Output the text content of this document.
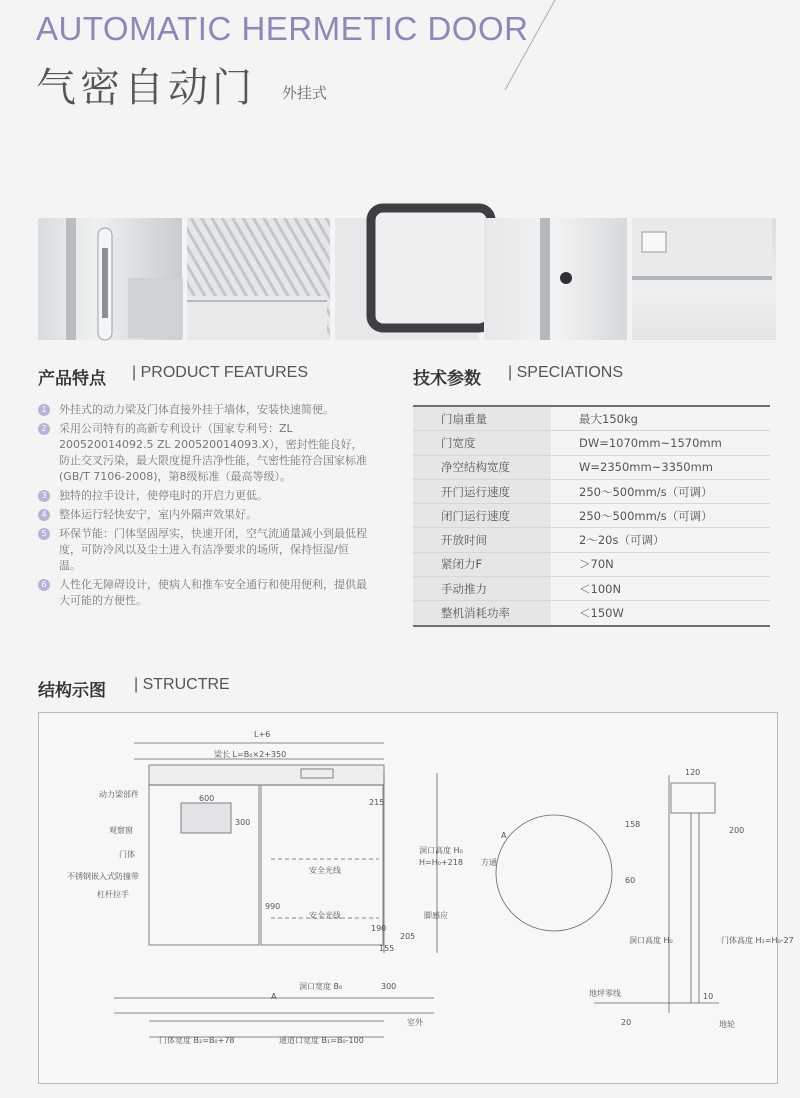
AUTOMATIC HERMETIC DOOR
气密自动门 外挂式
产品特点 | PRODUCT FEATURES
1	外挂式的动力梁及门体直接外挂于墙体，安装快速简便。
2	采用公司特有的高新专利设计（国家专利号：ZL 200520014092.5 ZL 200520014093.X），密封性能良好，防止交叉污染，最大限度提升洁净性能，气密性能符合国家标准(GB/T 7106-2008)，第8级标准（最高等级）。
3	独特的拉手设计，使停电时的开启力更低。
4	整体运行轻快安宁，室内外隔声效果好。
5	环保节能：门体坚固厚实，快速开闭，空气流通量减小到最低程度，可防冷风以及尘土进入有洁净要求的场所，保持恒湿/恒温。
6	人性化无障碍设计，使病人和推车安全通行和使用便利，提供最大可能的方便性。
技术参数 | SPECIATIONS
门扇重量	最大150kg
门宽度	DW=1070mm~1570mm
净空结构宽度	W=2350mm~3350mm
开门运行速度	250～500mm/s（可调）
闭门运行速度	250～500mm/s（可调）
开放时间	2～20s（可调）
紧闭力F	＞70N
手动推力	＜100N
整机消耗功率	＜150W
结构示图 | STRUCTRE
动力梁部件
观察窗
门体
不锈钢嵌入式防撞带
杠杆拉手
安全光线
安全光线	脚感应
L+6
梁长 L=B₀×2+350
600
300
215
990
190
155
205
洞口高度 H₀
H=H₀+218
洞口宽度 B₀	300
门体宽度 B₂=B₀+78	通道口宽度 B₁=B₀-100
室外
A
A
方通
120
158
200
60
洞口高度 H₀	门体高度 H₁=H₀-27
地坪零线	10
20	地轮
